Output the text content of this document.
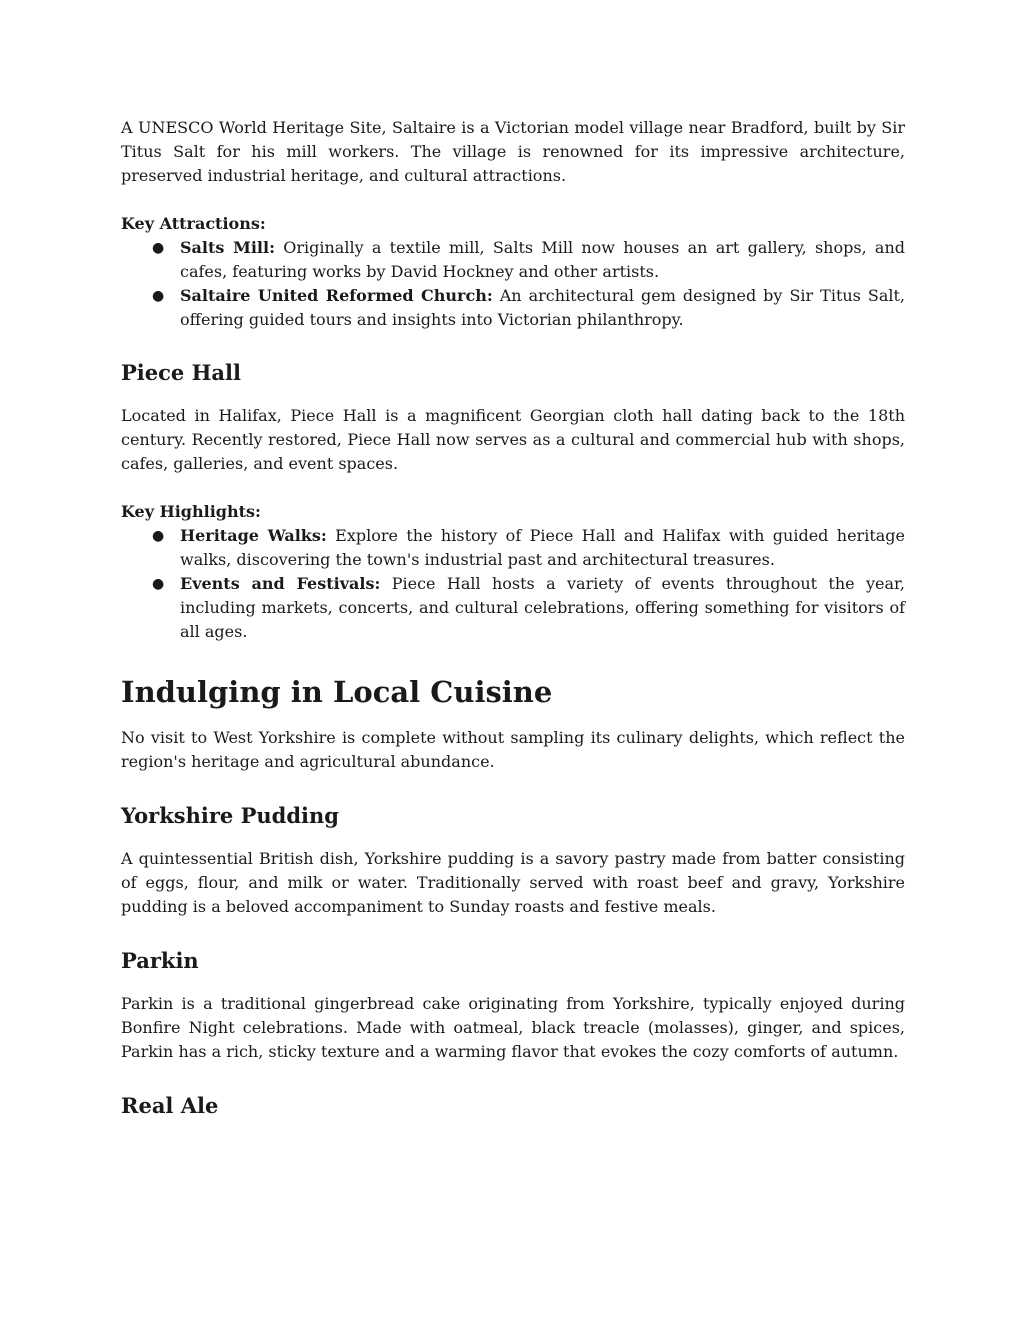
A UNESCO World Heritage Site, Saltaire is a Victorian model village near Bradford, built by Sir Titus Salt for his mill workers. The village is renowned for its impressive architecture, preserved industrial heritage, and cultural attractions.

Key Attractions:

● Salts Mill: Originally a textile mill, Salts Mill now houses an art gallery, shops, and cafes, featuring works by David Hockney and other artists.
● Saltaire United Reformed Church: An architectural gem designed by Sir Titus Salt, offering guided tours and insights into Victorian philanthropy.
Piece Hall

Located in Halifax, Piece Hall is a magnificent Georgian cloth hall dating back to the 18th century. Recently restored, Piece Hall now serves as a cultural and commercial hub with shops, cafes, galleries, and event spaces.

Key Highlights:

● Heritage Walks: Explore the history of Piece Hall and Halifax with guided heritage walks, discovering the town's industrial past and architectural treasures.
● Events and Festivals: Piece Hall hosts a variety of events throughout the year, including markets, concerts, and cultural celebrations, offering something for visitors of all ages.
Indulging in Local Cuisine

No visit to West Yorkshire is complete without sampling its culinary delights, which reflect the region's heritage and agricultural abundance.

Yorkshire Pudding

A quintessential British dish, Yorkshire pudding is a savory pastry made from batter consisting of eggs, flour, and milk or water. Traditionally served with roast beef and gravy, Yorkshire pudding is a beloved accompaniment to Sunday roasts and festive meals.

Parkin

Parkin is a traditional gingerbread cake originating from Yorkshire, typically enjoyed during Bonfire Night celebrations. Made with oatmeal, black treacle (molasses), ginger, and spices, Parkin has a rich, sticky texture and a warming flavor that evokes the cozy comforts of autumn.

Real Ale
